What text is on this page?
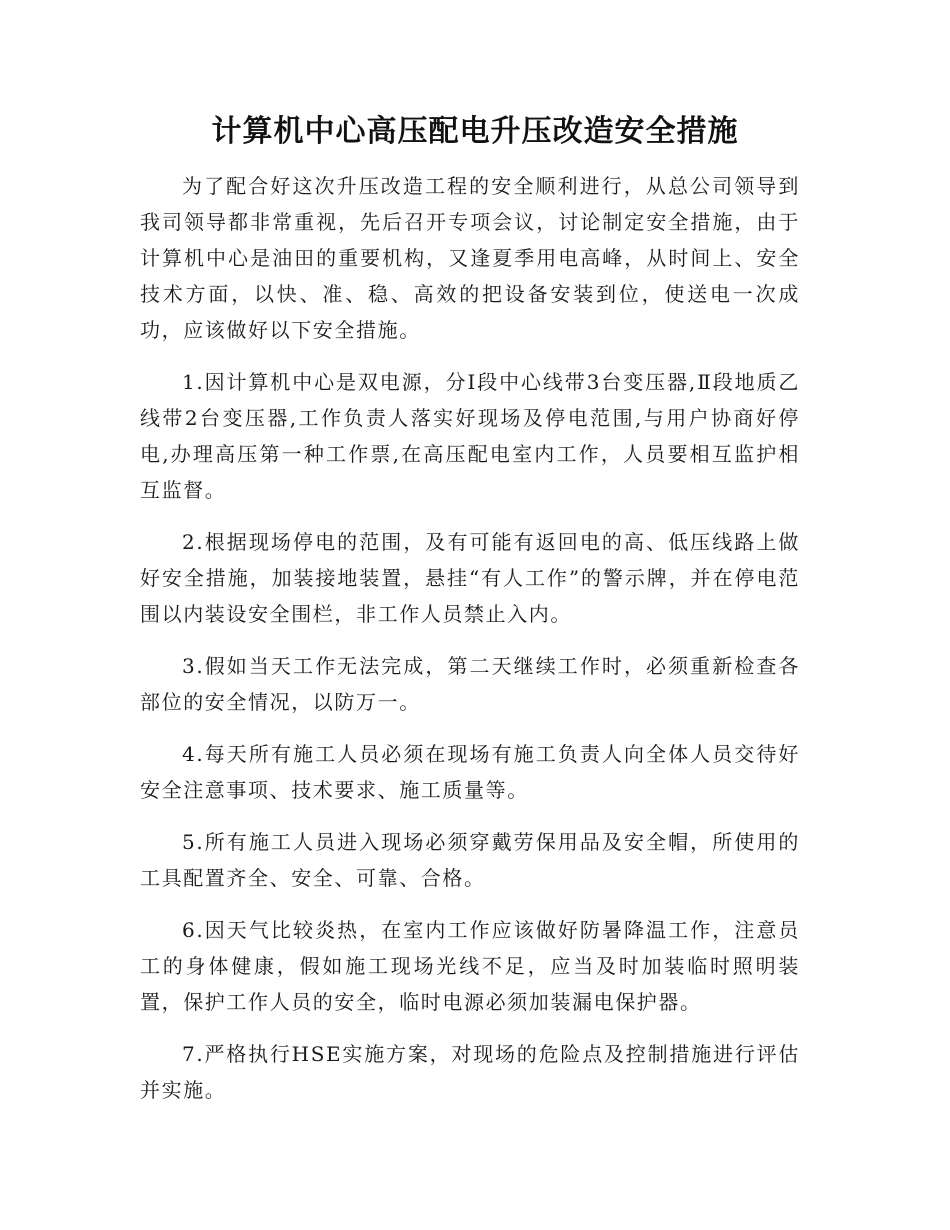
计算机中心高压配电升压改造安全措施

为了配合好这次升压改造工程的安全顺利进行，从总公司领导到我司领导都非常重视，先后召开专项会议，讨论制定安全措施，由于计算机中心是油田的重要机构，又逢夏季用电高峰，从时间上、安全技术方面，以快、准、稳、高效的把设备安装到位，使送电一次成功，应该做好以下安全措施。

1.因计算机中心是双电源，分Ⅰ段中心线带3台变压器,Ⅱ段地质乙线带2台变压器,工作负责人落实好现场及停电范围,与用户协商好停电,办理高压第一种工作票,在高压配电室内工作，人员要相互监护相互监督。

2.根据现场停电的范围，及有可能有返回电的高、低压线路上做好安全措施，加装接地装置，悬挂“有人工作”的警示牌，并在停电范围以内装设安全围栏，非工作人员禁止入内。

3.假如当天工作无法完成，第二天继续工作时，必须重新检查各部位的安全情况，以防万一。

4.每天所有施工人员必须在现场有施工负责人向全体人员交待好安全注意事项、技术要求、施工质量等。

5.所有施工人员进入现场必须穿戴劳保用品及安全帽，所使用的工具配置齐全、安全、可靠、合格。

6.因天气比较炎热，在室内工作应该做好防暑降温工作，注意员工的身体健康，假如施工现场光线不足，应当及时加装临时照明装置，保护工作人员的安全，临时电源必须加装漏电保护器。

7.严格执行HSE实施方案，对现场的危险点及控制措施进行评估并实施。
